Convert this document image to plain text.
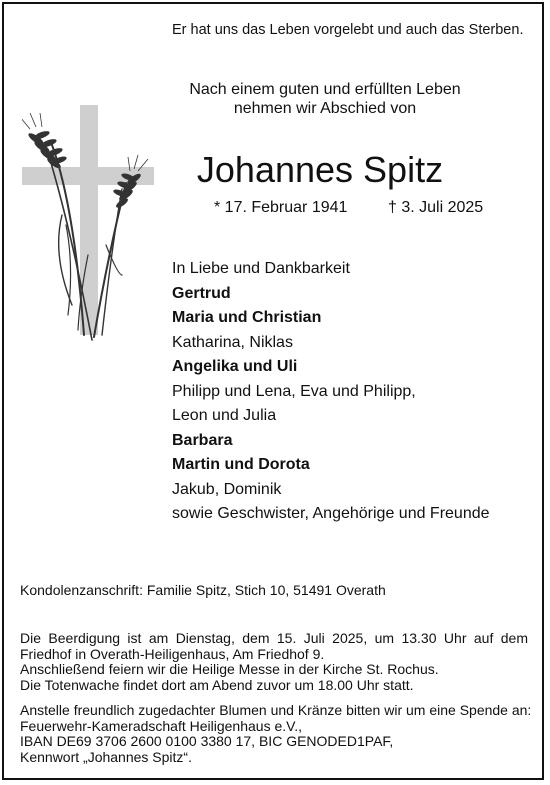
Er hat uns das Leben vorgelebt und auch das Sterben.
Nach einem guten und erfüllten Leben
nehmen wir Abschied von
Johannes Spitz
* 17. Februar 1941	† 3. Juli 2025
In Liebe und Dankbarkeit
Gertrud
Maria und Christian
Katharina, Niklas
Angelika und Uli
Philipp und Lena, Eva und Philipp,
Leon und Julia
Barbara
Martin und Dorota
Jakub, Dominik
sowie Geschwister, Angehörige und Freunde
Kondolenzanschrift: Familie Spitz, Stich 10, 51491 Overath
Die Beerdigung ist am Dienstag, dem 15. Juli 2025, um 13.30 Uhr auf dem
Friedhof in Overath-Heiligenhaus, Am Friedhof 9.
Anschließend feiern wir die Heilige Messe in der Kirche St. Rochus.
Die Totenwache findet dort am Abend zuvor um 18.00 Uhr statt.
Anstelle freundlich zugedachter Blumen und Kränze bitten wir um eine Spende an:
Feuerwehr-Kameradschaft Heiligenhaus e.V.,
IBAN DE69 3706 2600 0100 3380 17, BIC GENODED1PAF,
Kennwort „Johannes Spitz“.
